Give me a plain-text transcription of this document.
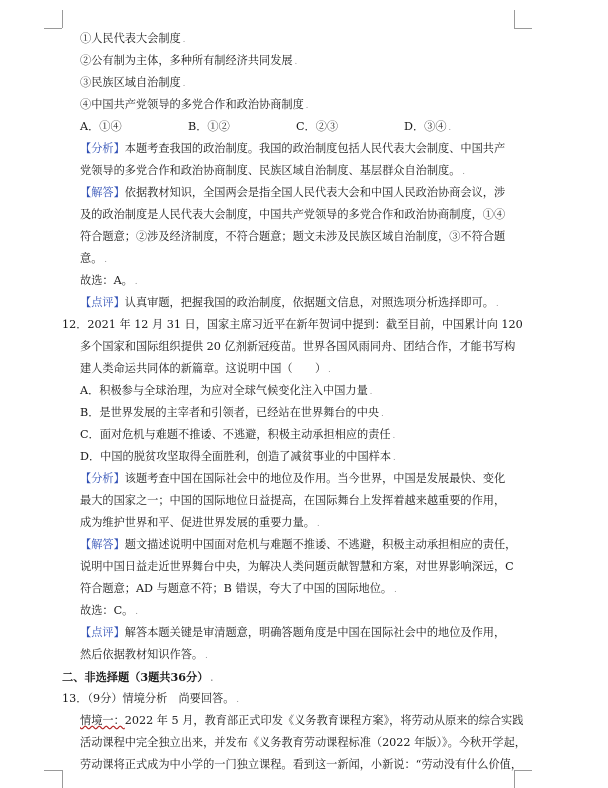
①人民代表大会制度 .
②公有制为主体，多种所有制经济共同发展 .
③民族区域自治制度 .
④中国共产党领导的多党合作和政治协商制度 .
A．①④	B．①②	C．②③	D．③④ .
【分析】本题考查我国的政治制度。我国的政治制度包括人民代表大会制度、中国共产
党领导的多党合作和政治协商制度、民族区域自治制度、基层群众自治制度。 .
【解答】依据教材知识，全国两会是指全国人民代表大会和中国人民政治协商会议，涉
及的政治制度是人民代表大会制度，中国共产党领导的多党合作和政治协商制度，①④
符合题意；②涉及经济制度，不符合题意；题文未涉及民族区域自治制度，③不符合题
意。 .
故选：A。 .
【点评】认真审题，把握我国的政治制度，依据题文信息，对照选项分析选择即可。 .
12．2021 年 12 月 31 日，国家主席习近平在新年贺词中提到：截至目前，中国累计向 120
多个国家和国际组织提供 20 亿剂新冠疫苗。世界各国风雨同舟、团结合作，才能书写构
建人类命运共同体的新篇章。这说明中国（　　） .
A．积极参与全球治理，为应对全球气候变化注入中国力量 .
B．是世界发展的主宰者和引领者，已经站在世界舞台的中央 .
C．面对危机与难题不推诿、不逃避，积极主动承担相应的责任 .
D．中国的脱贫攻坚取得全面胜利，创造了减贫事业的中国样本 .
【分析】该题考查中国在国际社会中的地位及作用。当今世界，中国是发展最快、变化
最大的国家之一；中国的国际地位日益提高，在国际舞台上发挥着越来越重要的作用，
成为维护世界和平、促进世界发展的重要力量。 .
【解答】题文描述说明中国面对危机与难题不推诿、不逃避，积极主动承担相应的责任，
说明中国日益走近世界舞台中央，为解决人类问题贡献智慧和方案，对世界影响深远，C
符合题意；AD 与题意不符；B 错误，夸大了中国的国际地位。 .
故选：C。 .
【点评】解答本题关键是审清题意，明确答题角度是中国在国际社会中的地位及作用，
然后依据教材知识作答。 .
二、非选择题（3题共36分） .
13．（9分）情境分析　尚要回答。 .
情境一：2022 年 5 月，教育部正式印发《义务教育课程方案》，将劳动从原来的综合实践
活动课程中完全独立出来，并发布《义务教育劳动课程标准（2022 年版）》。今秋开学起，
劳动课将正式成为中小学的一门独立课程。看到这一新闻，小新说：“劳动没有什么价值，
